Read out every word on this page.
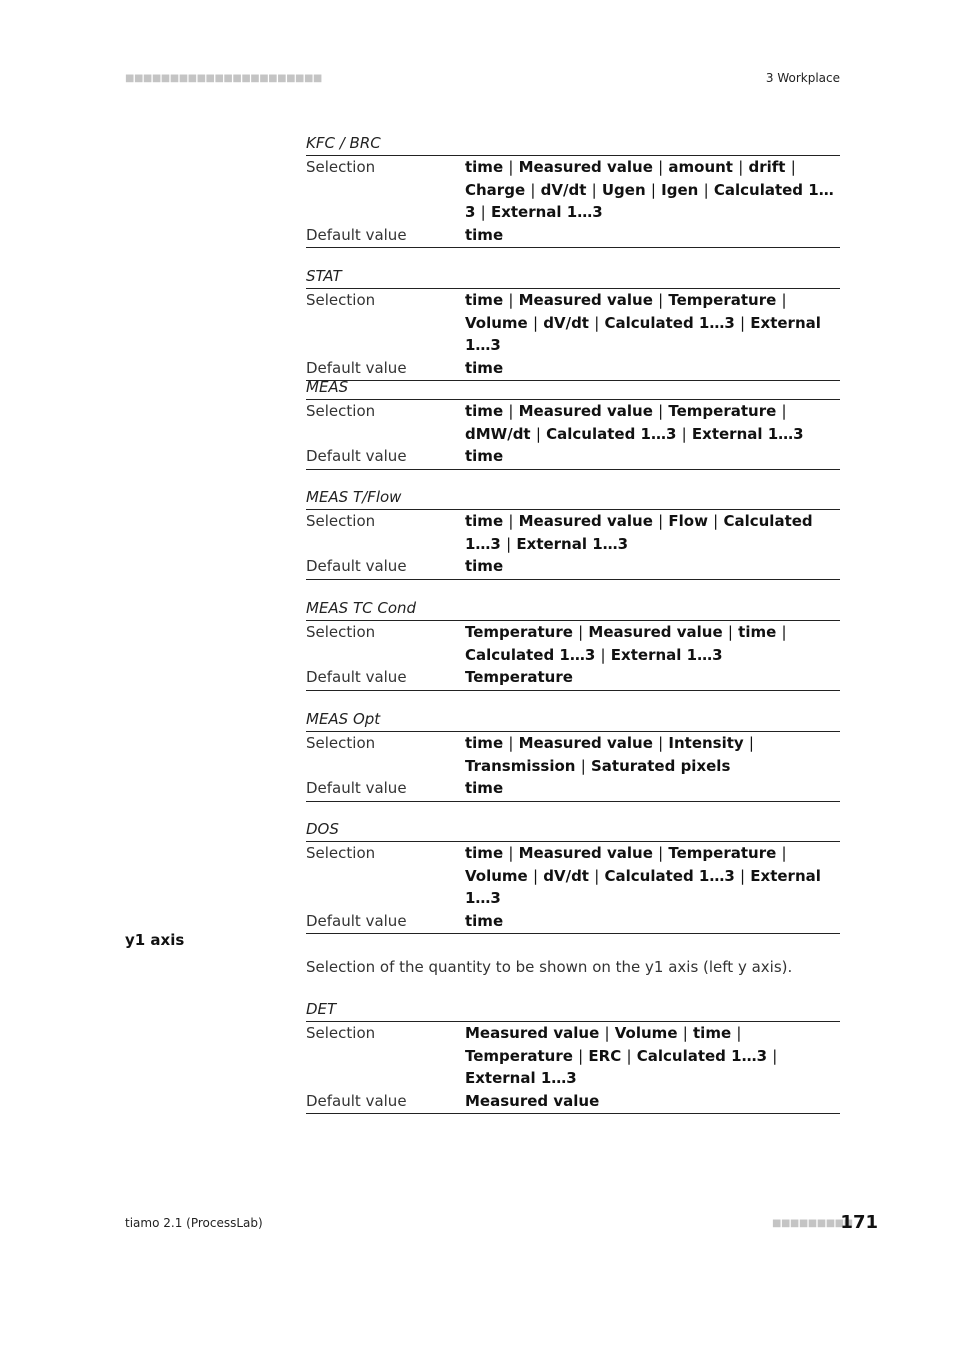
■■■■■■■■■■■■■■■■■■■■■■	3 Workplace
KFC / BRC
Selection	time | Measured value | amount | drift | Charge | dV/dt | Ugen | Igen | Calculated 1…3 | External 1…3
Default value	time
STAT
Selection	time | Measured value | Temperature | Volume | dV/dt | Calculated 1…3 | External 1…3
Default value	time
MEAS
Selection	time | Measured value | Temperature | dMW/dt | Calculated 1…3 | External 1…3
Default value	time
MEAS T/Flow
Selection	time | Measured value | Flow | Calculated 1…3 | External 1…3
Default value	time
MEAS TC Cond
Selection	Temperature | Measured value | time | Calculated 1…3 | External 1…3
Default value	Temperature
MEAS Opt
Selection	time | Measured value | Intensity | Transmission | Saturated pixels
Default value	time
DOS
Selection	time | Measured value | Temperature | Volume | dV/dt | Calculated 1…3 | External 1…3
Default value	time
y1 axis
Selection of the quantity to be shown on the y1 axis (left y axis).
DET
Selection	Measured value | Volume | time | Temperature | ERC | Calculated 1…3 | External 1…3
Default value	Measured value
tiamo 2.1 (ProcessLab)	■■■■■■■■■
171
